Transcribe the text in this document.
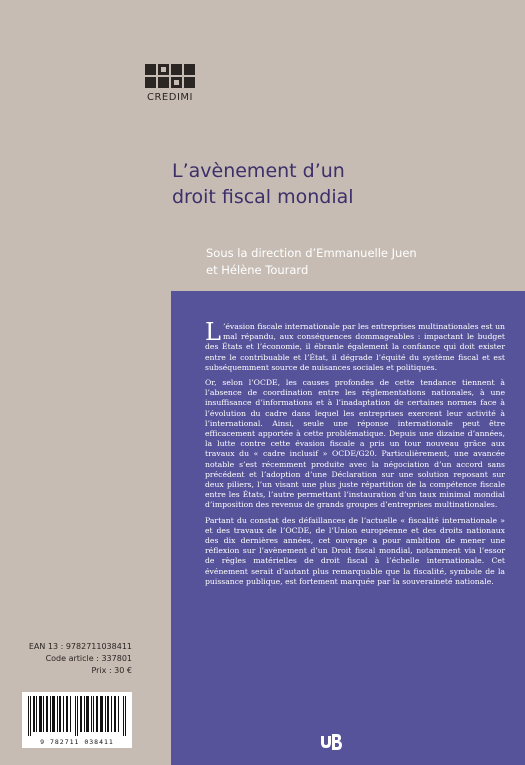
CREDIMI
L’avènement d’un
droit fiscal mondial
Sous la direction d’Emmanuelle Juen
et Hélène Tourard

L ’évasion fiscale internationale par les entreprises multinationales est un mal répandu, aux conséquences dommageables : impactant le budget des États et l’économie, il ébranle également la confiance qui doit exister entre le contribuable et l’État, il dégrade l’équité du système fiscal et est subséquemment source de nuisances sociales et politiques.

Or, selon l’OCDE, les causes profondes de cette tendance tiennent à l’absence de coordination entre les réglementations nationales, à une insuffisance d’informations et à l’inadaptation de certaines normes face à l’évolution du cadre dans lequel les entreprises exercent leur activité à l’international. Ainsi, seule une réponse internationale peut être efficacement apportée à cette problématique. Depuis une dizaine d’années, la lutte contre cette évasion fiscale a pris un tour nouveau grâce aux travaux du « cadre inclusif » OCDE/G20. Particulièrement, une avancée notable s’est récemment produite avec la négociation d’un accord sans précédent et l’adoption d’une Déclaration sur une solution reposant sur deux piliers, l’un visant une plus juste répartition de la compétence fiscale entre les États, l’autre permettant l’instauration d’un taux minimal mondial d’imposition des revenus de grands groupes d’entreprises multinationales.

Partant du constat des défaillances de l’actuelle « fiscalité internationale » et des travaux de l’OCDE, de l’Union européenne et des droits nationaux des dix dernières années, cet ouvrage a pour ambition de mener une réflexion sur l’avènement d’un Droit fiscal mondial, notamment via l’essor de règles matérielles de droit fiscal à l’échelle internationale. Cet événement serait d’autant plus remarquable que la fiscalité, symbole de la puissance publique, est fortement marquée par la souveraineté nationale.

EAN 13 : 9782711038411
Code article : 337801
Prix : 30 €
9 782711 038411
